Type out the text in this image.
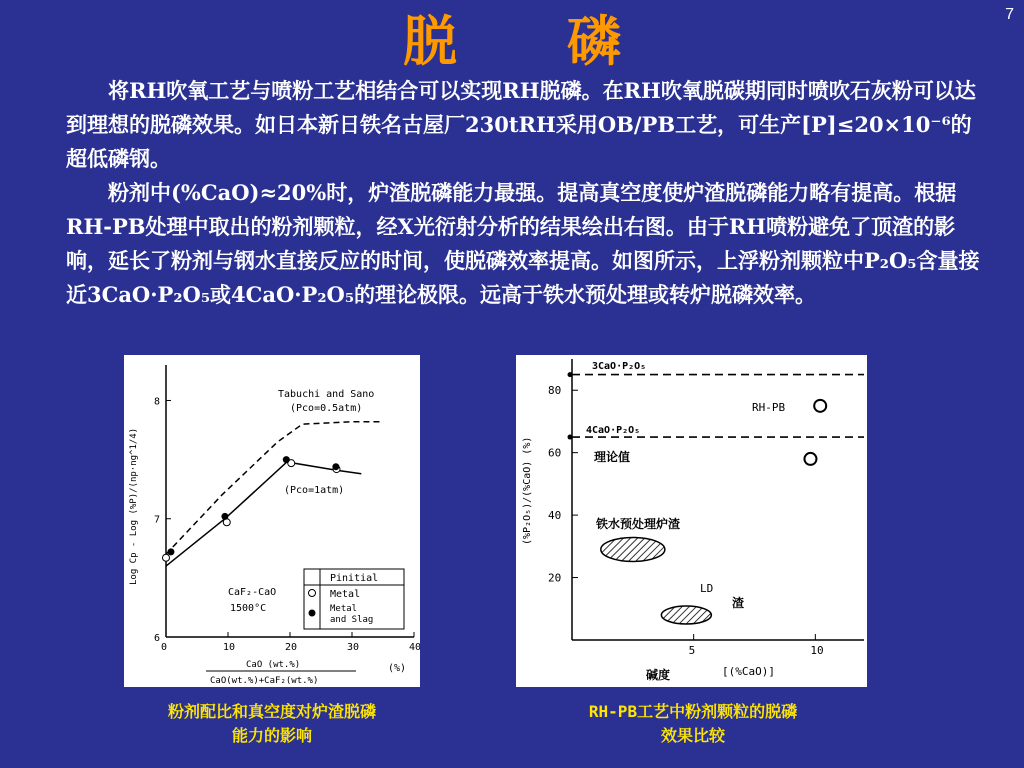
7
脱磷

将RH吹氧工艺与喷粉工艺相结合可以实现RH脱磷。在RH吹氧脱碳期同时喷吹石灰粉可以达到理想的脱磷效果。如日本新日铁名古屋厂230tRH采用OB/PB工艺，可生产[P]≤20×10⁻⁶的超低磷钢。

粉剂中(%CaO)≈20%时，炉渣脱磷能力最强。提高真空度使炉渣脱磷能力略有提高。根据RH-PB处理中取出的粉剂颗粒，经X光衍射分析的结果绘出右图。由于RH喷粉避免了顶渣的影响，延长了粉剂与钢水直接反应的时间，使脱磷效率提高。如图所示，上浮粉剂颗粒中P₂O₅含量接近3CaO·P₂O₅或4CaO·P₂O₅的理论极限。远高于铁水预处理或转炉脱磷效率。

6
7
8
0	10	20	30	40
Log Cp - Log (%P)/(np·ng^1/4)
Tabuchi and Sano
(Pco=0.5atm)
(Pco=1atm)
CaF₂-CaO
1500°C
Pinitial
Metal
Metal
and Slag
CaO (wt.%)
CaO(wt.%)+CaF₂(wt.%)
(%)
20
40
60
80
5	10
(%P₂O₅)/(%CaO) (%)
3CaO·P₂O₅
4CaO·P₂O₅
理论值
RH-PB
铁水预处理炉渣
LD
渣
碱度	[(%CaO)]
粉剂配比和真空度对炉渣脱磷
能力的影响
RH-PB工艺中粉剂颗粒的脱磷
效果比较
